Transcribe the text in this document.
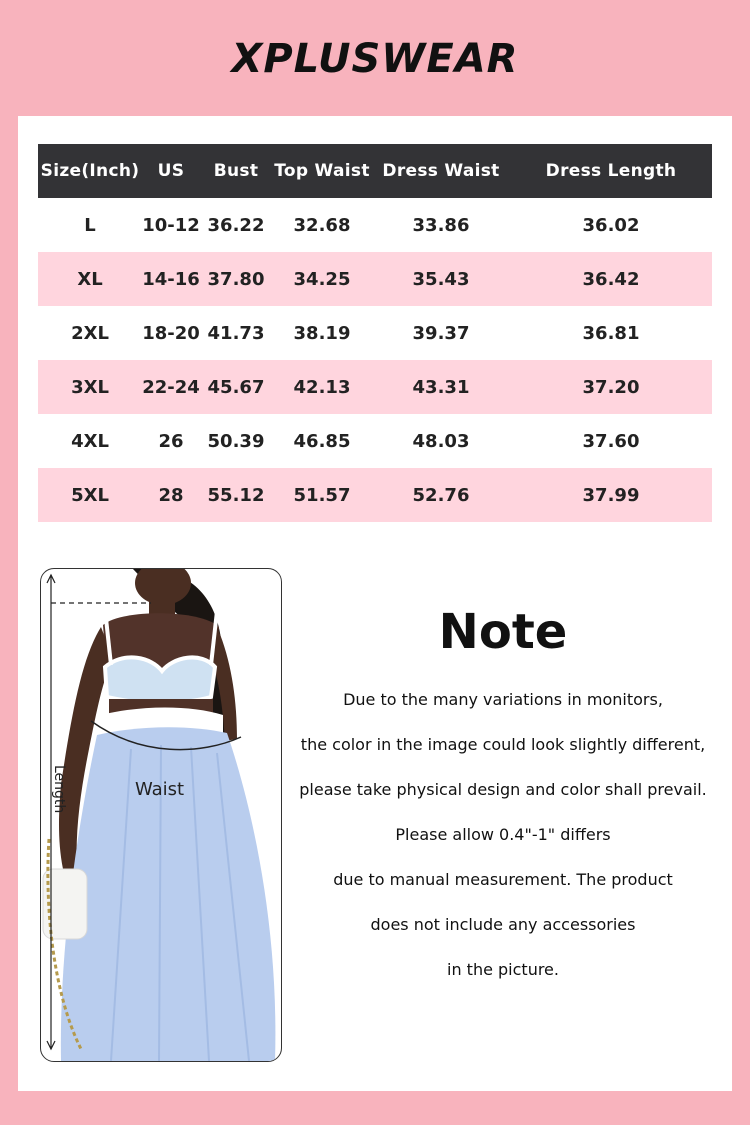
XPLUSWEAR
Size(Inch)	US	Bust	Top Waist	Dress Waist	Dress Length
L	10-12	36.22	32.68	33.86	36.02
XL	14-16	37.80	34.25	35.43	36.42
2XL	18-20	41.73	38.19	39.37	36.81
3XL	22-24	45.67	42.13	43.31	37.20
4XL	26	50.39	46.85	48.03	37.60
5XL	28	55.12	51.57	52.76	37.99
Length	Waist
Note
Due to the many variations in monitors,
the color in the image could look slightly different,
please take physical design and color shall prevail.
Please allow 0.4"-1" differs
due to manual measurement. The product
does not include any accessories
in the picture.
